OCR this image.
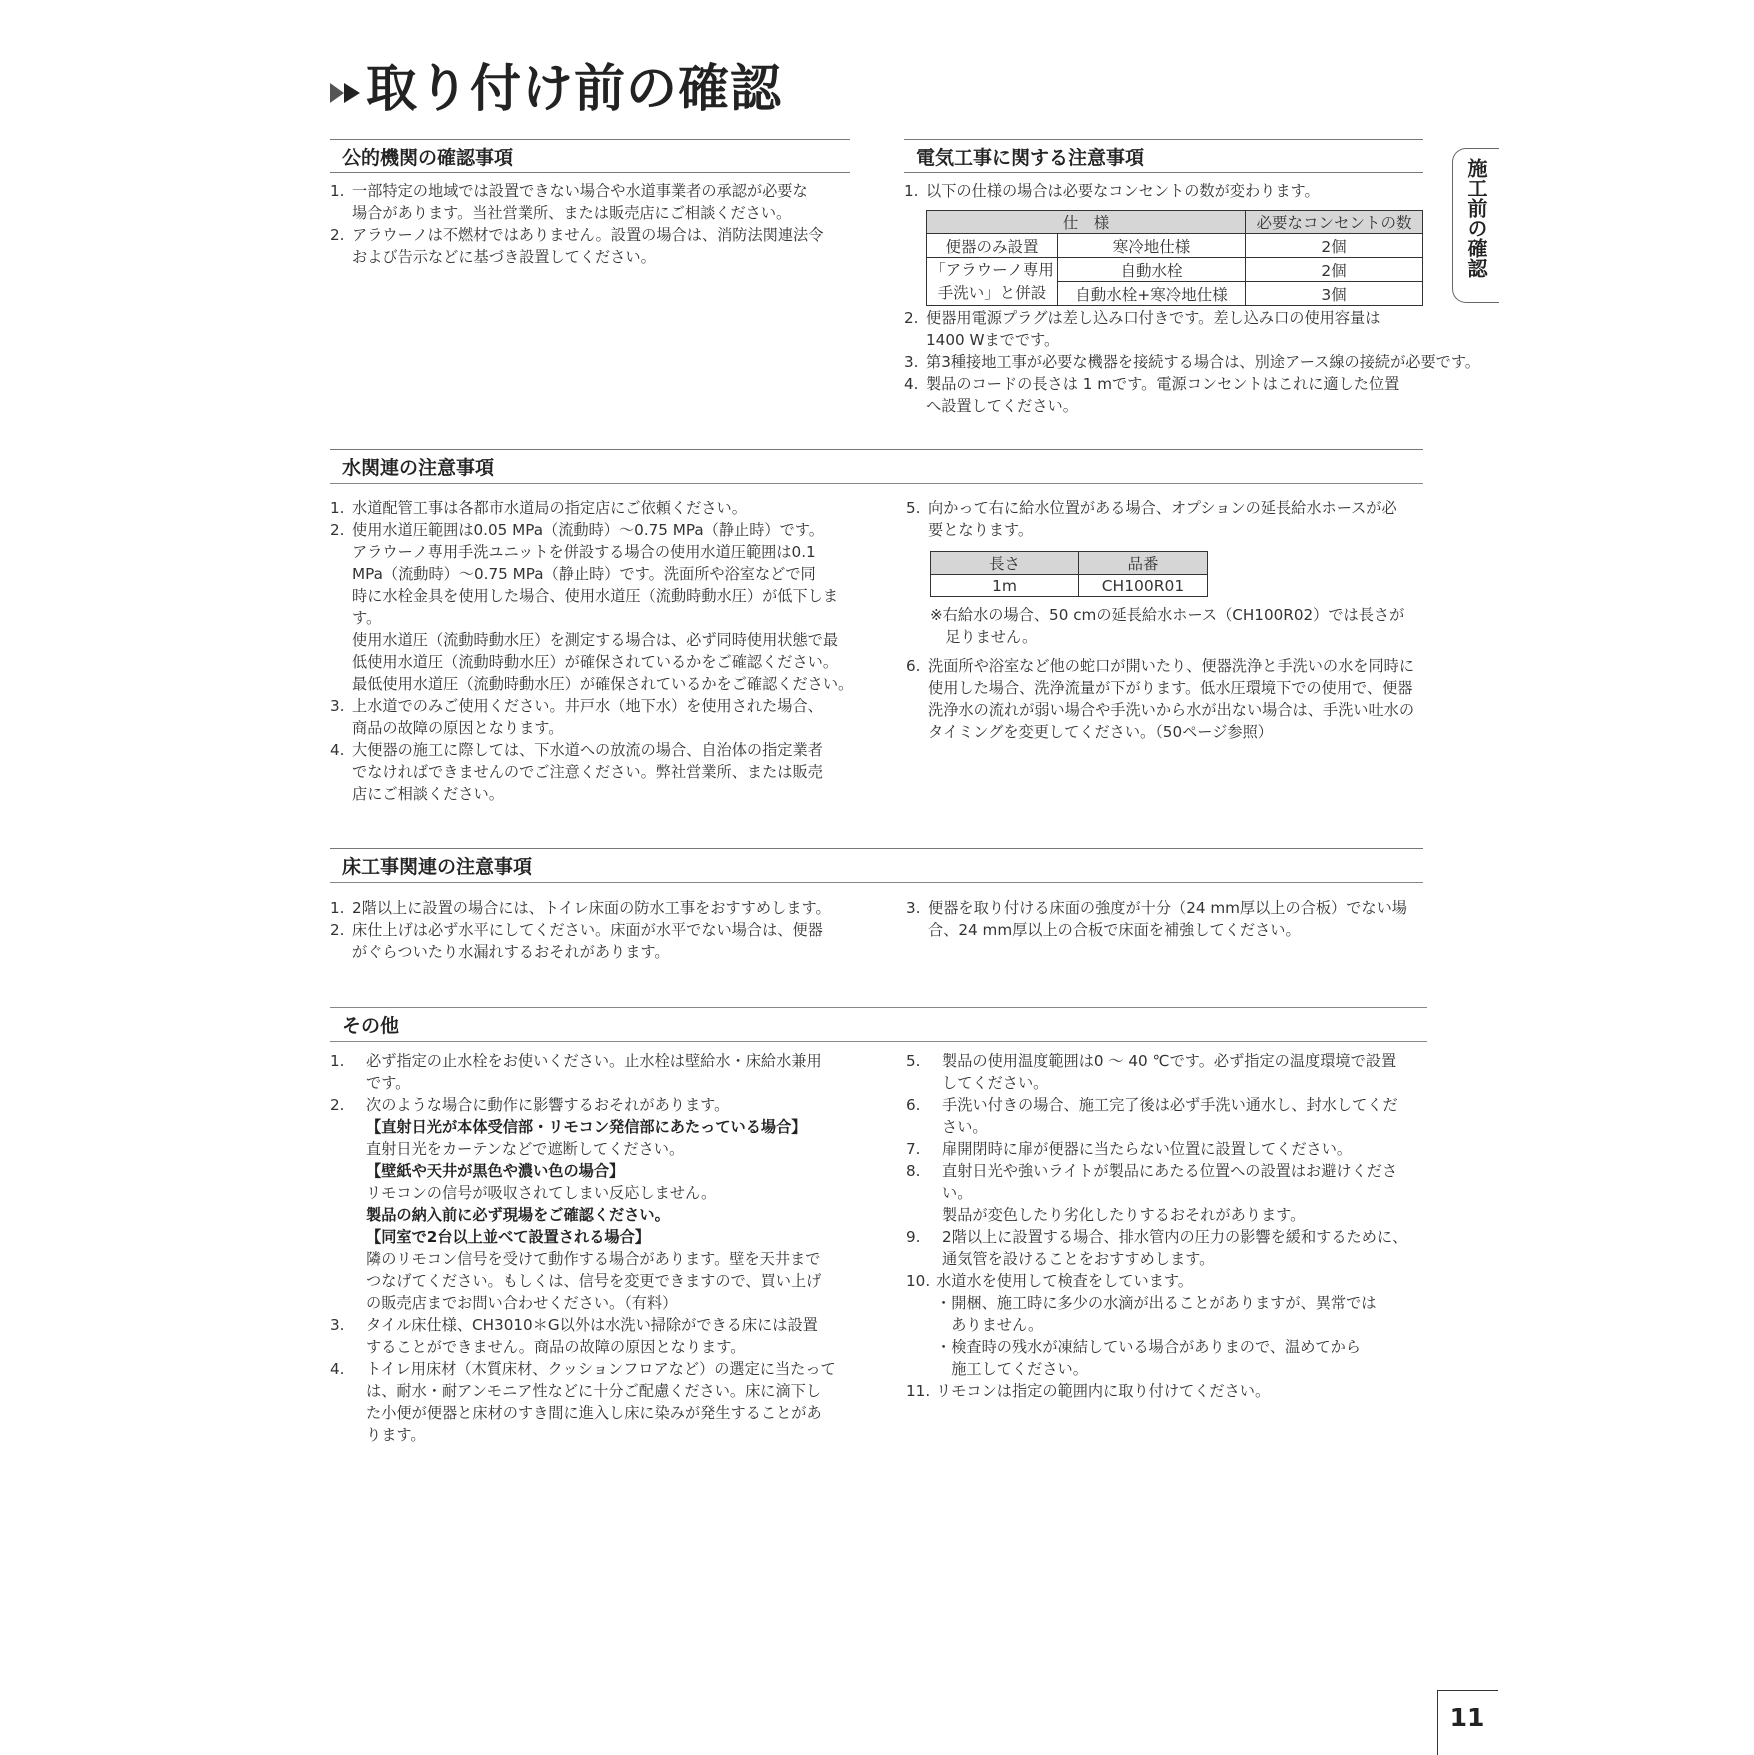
取り付け前の確認
施工前の確認
公的機関の確認事項
1. 一部特定の地域では設置できない場合や水道事業者の承認が必要な
場合があります。当社営業所、または販売店にご相談ください。
2. アラウーノは不燃材ではありません。設置の場合は、消防法関連法令
および告示などに基づき設置してください。
電気工事に関する注意事項
1. 以下の仕様の場合は必要なコンセントの数が変わります。
仕　様		必要なコンセントの数
便器のみ設置	寒冷地仕様	2個

「アラウーノ専用
手洗い」と併設	自動水栓	2個
	自動水栓+寒冷地仕様	3個
2. 便器用電源プラグは差し込み口付きです。差し込み口の使用容量は
1400 Wまでです。
3. 第3種接地工事が必要な機器を接続する場合は、別途アース線の接続が必要です。
4. 製品のコードの長さは 1 mです。電源コンセントはこれに適した位置
へ設置してください。
水関連の注意事項
1. 水道配管工事は各都市水道局の指定店にご依頼ください。
2. 使用水道圧範囲は0.05 MPa（流動時）～0.75 MPa（静止時）です。
アラウーノ専用手洗ユニットを併設する場合の使用水道圧範囲は0.1
MPa（流動時）～0.75 MPa（静止時）です。洗面所や浴室などで同
時に水栓金具を使用した場合、使用水道圧（流動時動水圧）が低下しま
す。
使用水道圧（流動時動水圧）を測定する場合は、必ず同時使用状態で最
低使用水道圧（流動時動水圧）が確保されているかをご確認ください。
最低使用水道圧（流動時動水圧）が確保されているかをご確認ください。
3. 上水道でのみご使用ください。井戸水（地下水）を使用された場合、
商品の故障の原因となります。
4. 大便器の施工に際しては、下水道への放流の場合、自治体の指定業者
でなければできませんのでご注意ください。弊社営業所、または販売
店にご相談ください。
5. 向かって右に給水位置がある場合、オプションの延長給水ホースが必
要となります。
長さ	品番
1m	CH100R01
※右給水の場合、50 cmの延長給水ホース（CH100R02）では長さが
　足りません。
6. 洗面所や浴室など他の蛇口が開いたり、便器洗浄と手洗いの水を同時に
使用した場合、洗浄流量が下がります。低水圧環境下での使用で、便器
洗浄水の流れが弱い場合や手洗いから水が出ない場合は、手洗い吐水の
タイミングを変更してください。（50ページ参照）
床工事関連の注意事項
1. 2階以上に設置の場合には、トイレ床面の防水工事をおすすめします。
2. 床仕上げは必ず水平にしてください。床面が水平でない場合は、便器
がぐらついたり水漏れするおそれがあります。
3. 便器を取り付ける床面の強度が十分（24 mm厚以上の合板）でない場
合、24 mm厚以上の合板で床面を補強してください。
その他
1. 必ず指定の止水栓をお使いください。止水栓は壁給水・床給水兼用
です。
2. 次のような場合に動作に影響するおそれがあります。
【直射日光が本体受信部・リモコン発信部にあたっている場合】
直射日光をカーテンなどで遮断してください。
【壁紙や天井が黒色や濃い色の場合】
リモコンの信号が吸収されてしまい反応しません。
製品の納入前に必ず現場をご確認ください。
【同室で2台以上並べて設置される場合】
隣のリモコン信号を受けて動作する場合があります。壁を天井まで
つなげてください。もしくは、信号を変更できますので、買い上げ
の販売店までお問い合わせください。（有料）
3. タイル床仕様、CH3010＊G以外は水洗い掃除ができる床には設置
することができません。商品の故障の原因となります。
4. トイレ用床材（木質床材、クッションフロアなど）の選定に当たって
は、耐水・耐アンモニア性などに十分ご配慮ください。床に滴下し
た小便が便器と床材のすき間に進入し床に染みが発生することがあ
ります。
5. 製品の使用温度範囲は0 ～ 40 ℃です。必ず指定の温度環境で設置
してください。
6. 手洗い付きの場合、施工完了後は必ず手洗い通水し、封水してくだ
さい。
7. 扉開閉時に扉が便器に当たらない位置に設置してください。
8. 直射日光や強いライトが製品にあたる位置への設置はお避けくださ
い。
製品が変色したり劣化したりするおそれがあります。
9. 2階以上に設置する場合、排水管内の圧力の影響を緩和するために、
通気管を設けることをおすすめします。
10. 水道水を使用して検査をしています。
・開梱、施工時に多少の水滴が出ることがありますが、異常では
　ありません。
・検査時の残水が凍結している場合がありまので、温めてから
　施工してください。
11. リモコンは指定の範囲内に取り付けてください。
11
